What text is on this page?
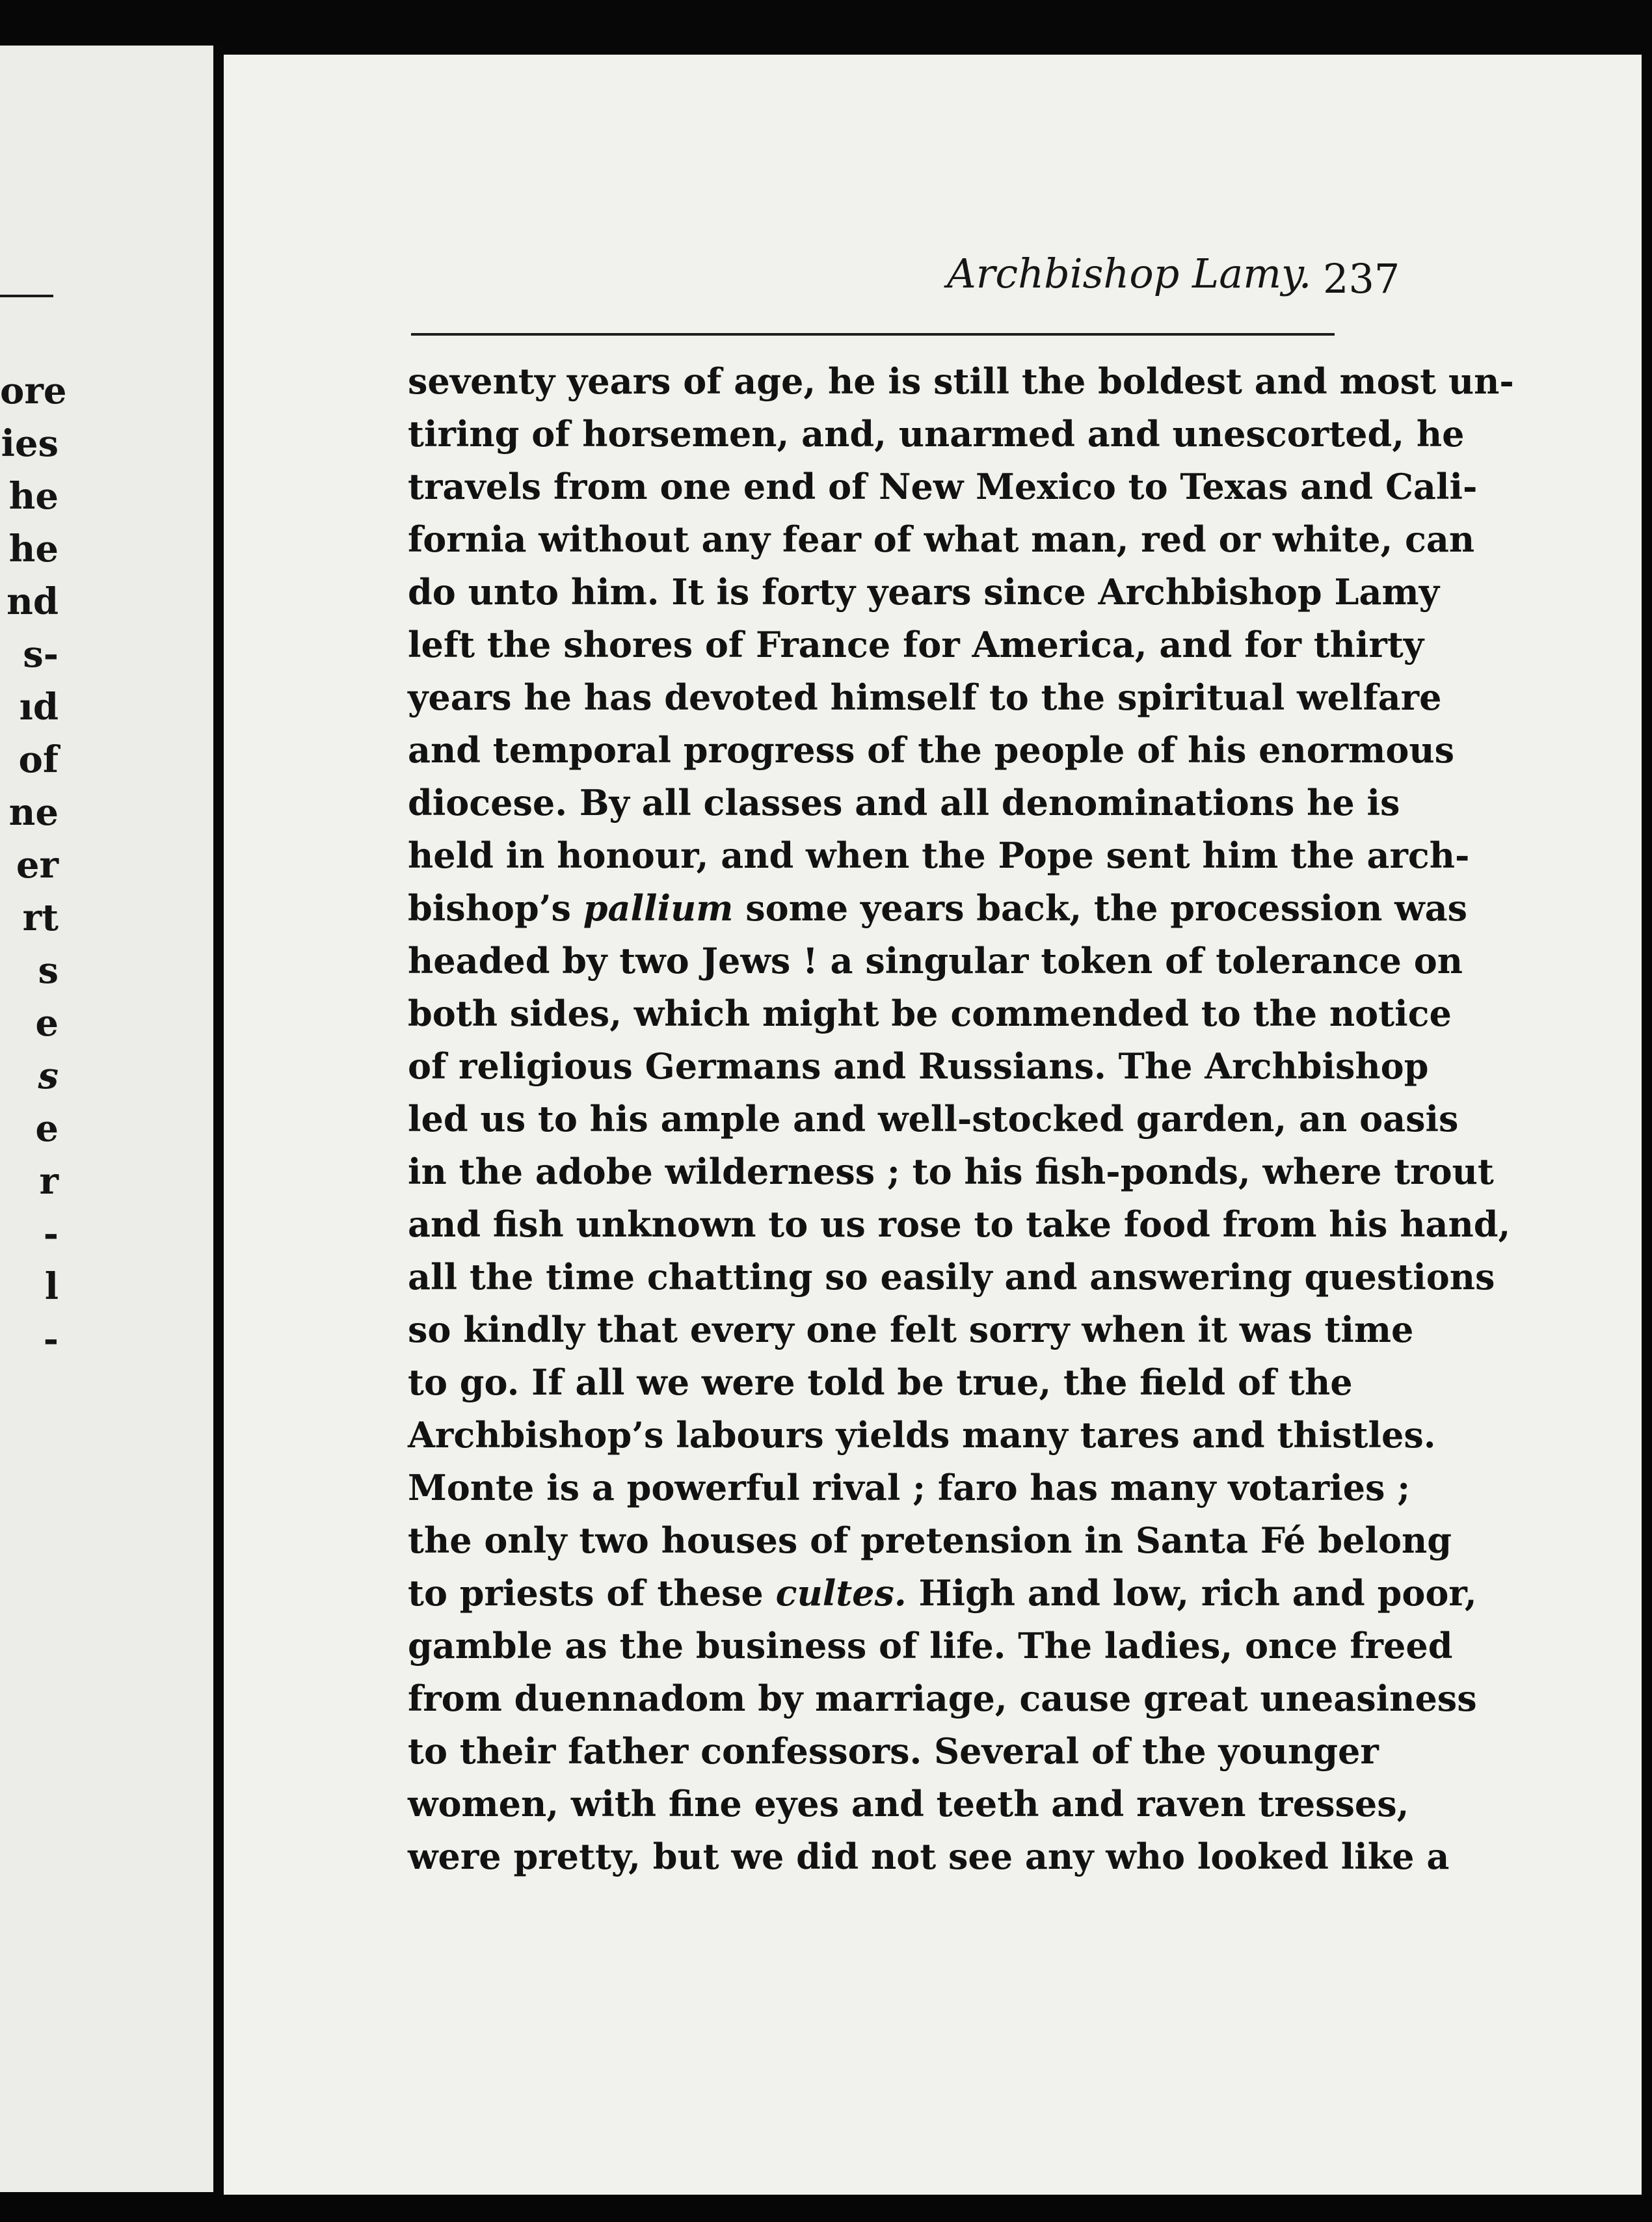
ore
ies
he
he
nd
s-
ıd
of
ne
er
rt
s
e
s
e
r
-
l
-
Archbishop Lamy. 237
seventy years of age, he is still the boldest and most un-
tiring of horsemen, and, unarmed and unescorted, he
travels from one end of New Mexico to Texas and Cali-
fornia without any fear of what man, red or white, can
do unto him. It is forty years since Archbishop Lamy
left the shores of France for America, and for thirty
years he has devoted himself to the spiritual welfare
and temporal progress of the people of his enormous
diocese. By all classes and all denominations he is
held in honour, and when the Pope sent him the arch-
bishop’s pallium some years back, the procession was
headed by two Jews ! a singular token of tolerance on
both sides, which might be commended to the notice
of religious Germans and Russians. The Archbishop
led us to his ample and well-stocked garden, an oasis
in the adobe wilderness ; to his fish-ponds, where trout
and fish unknown to us rose to take food from his hand,
all the time chatting so easily and answering questions
so kindly that every one felt sorry when it was time
to go. If all we were told be true, the field of the
Archbishop’s labours yields many tares and thistles.
Monte is a powerful rival ; faro has many votaries ;
the only two houses of pretension in Santa Fé belong
to priests of these cultes. High and low, rich and poor,
gamble as the business of life. The ladies, once freed
from duennadom by marriage, cause great uneasiness
to their father confessors. Several of the younger
women, with fine eyes and teeth and raven tresses,
were pretty, but we did not see any who looked like a
